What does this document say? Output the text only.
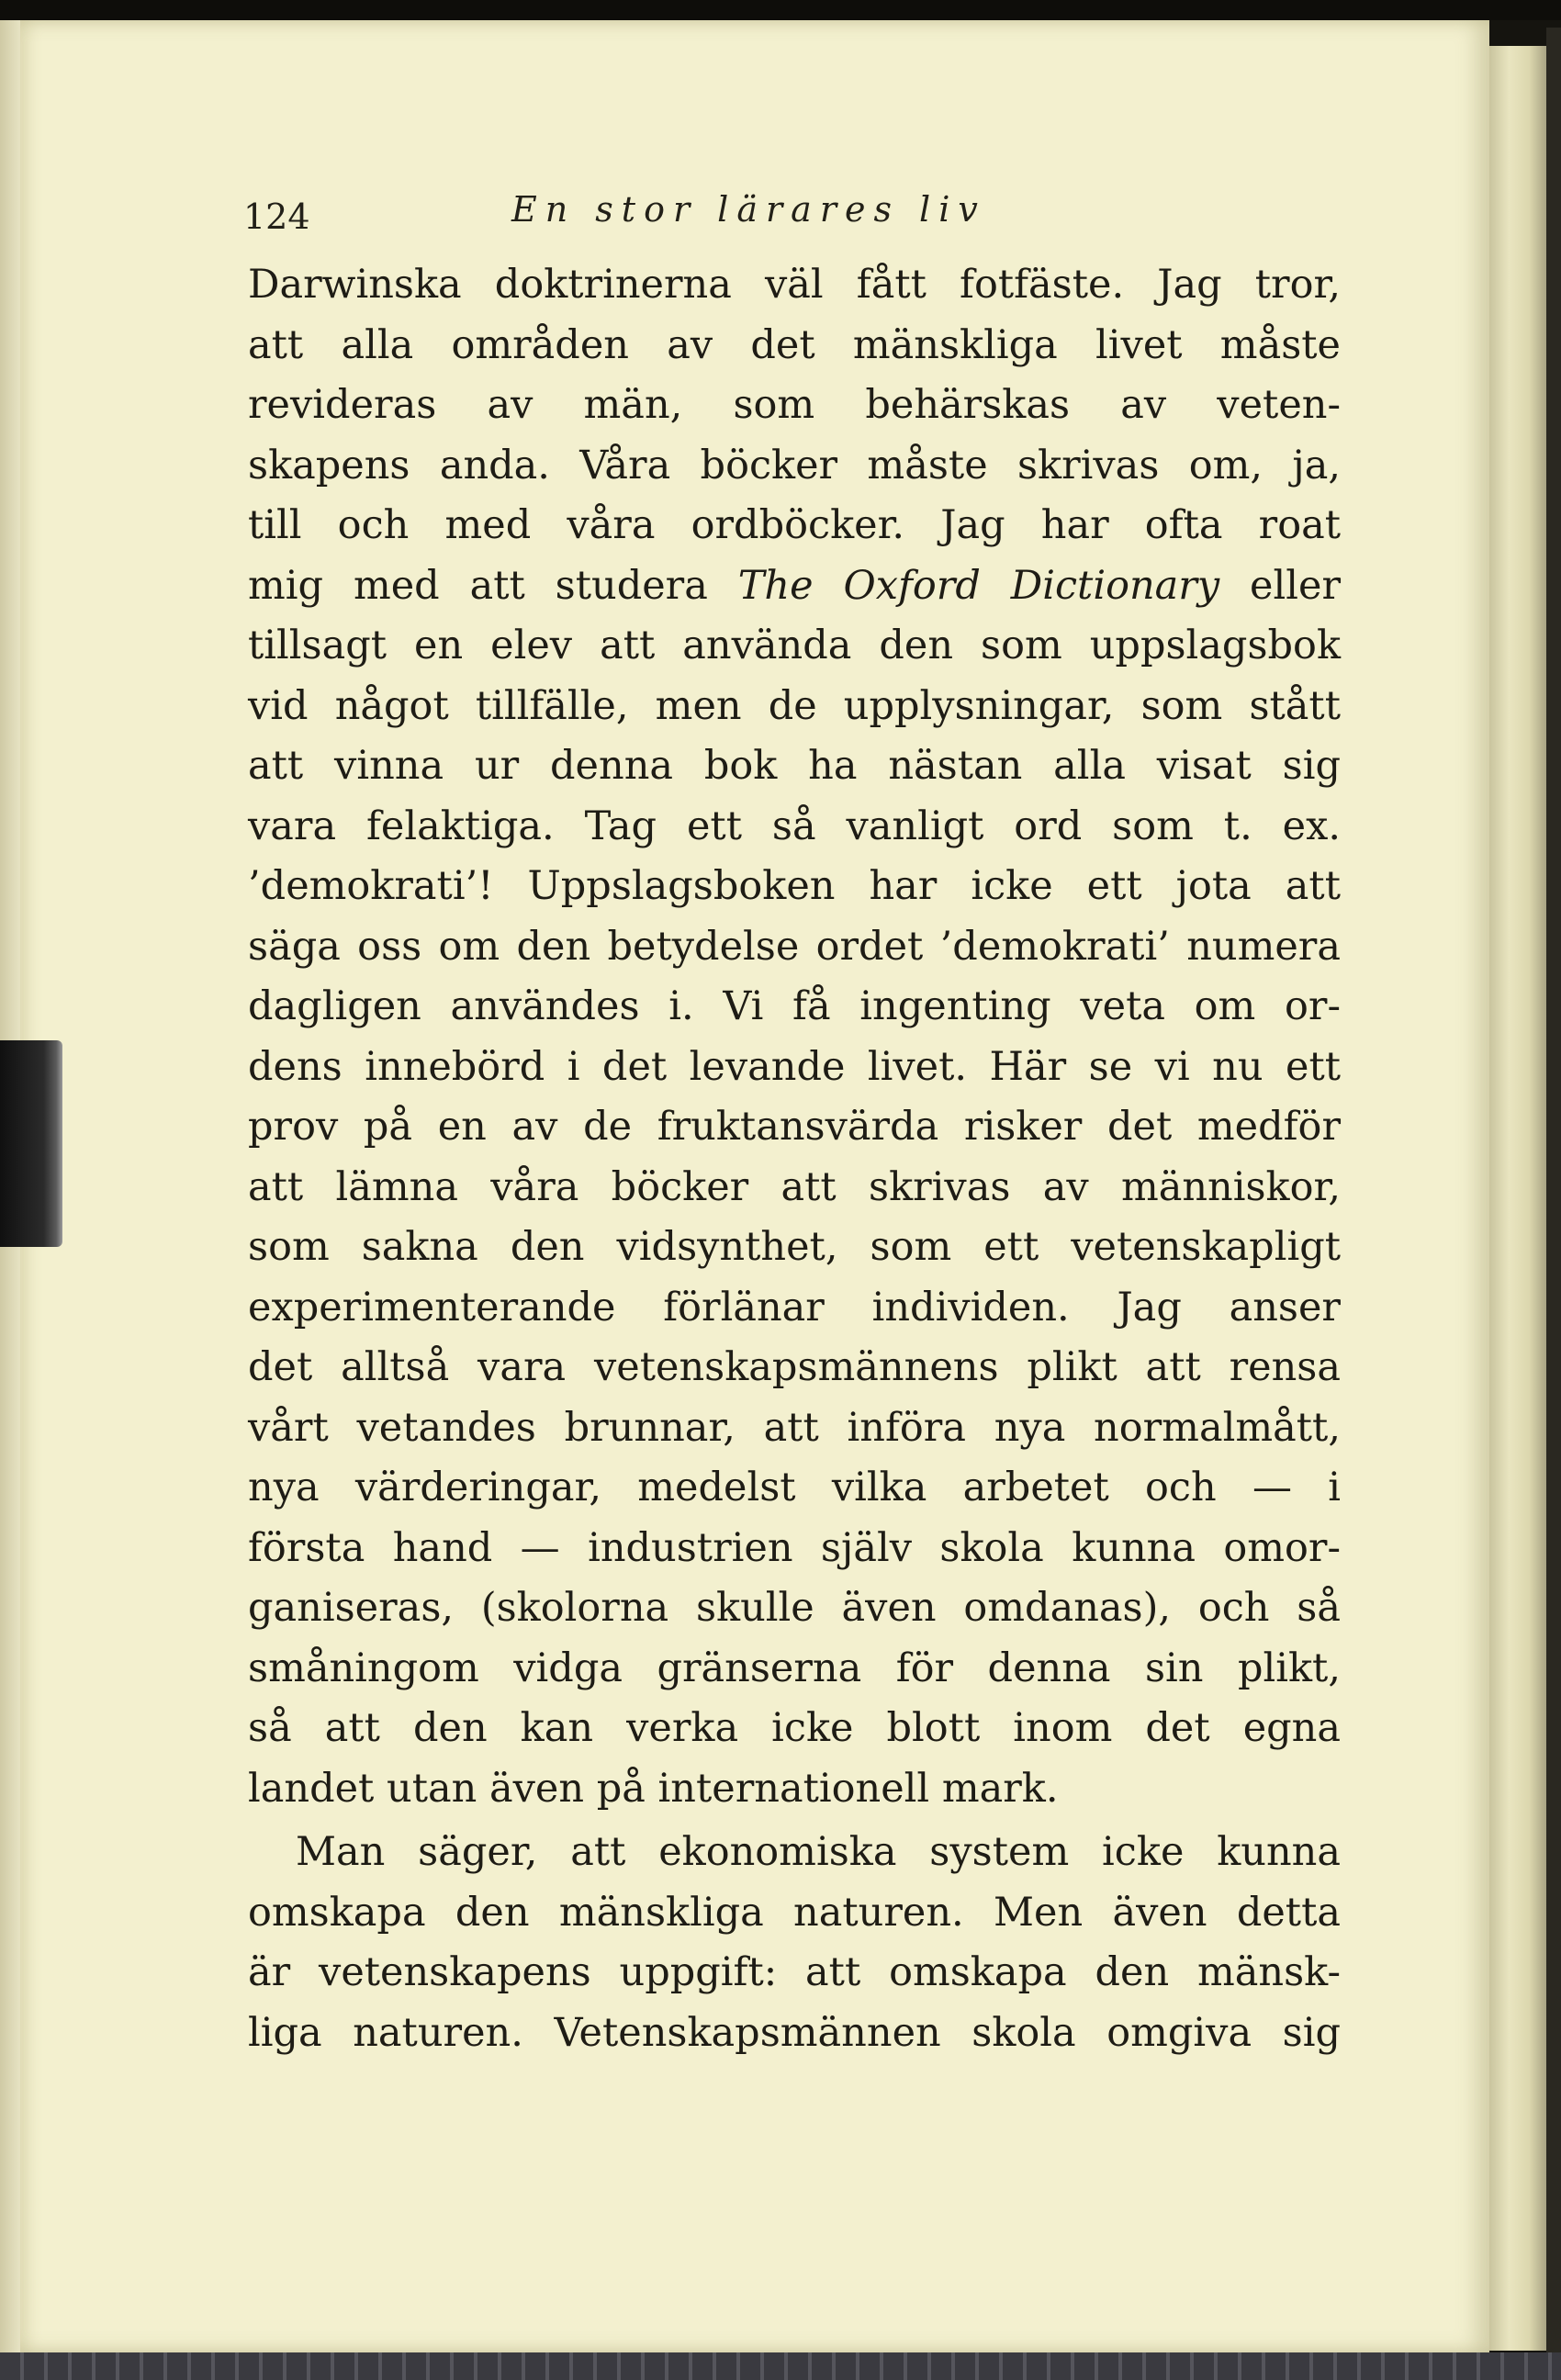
124	En stor lärares liv
Darwinska doktrinerna väl fått fotfäste. Jag tror,
att alla områden av det mänskliga livet måste
revideras av män, som behärskas av veten-
skapens anda. Våra böcker måste skrivas om, ja,
till och med våra ordböcker. Jag har ofta roat
mig med att studera The Oxford Dictionary eller
tillsagt en elev att använda den som uppslagsbok
vid något tillfälle, men de upplysningar, som stått
att vinna ur denna bok ha nästan alla visat sig
vara felaktiga. Tag ett så vanligt ord som t. ex.
’demokrati’! Uppslagsboken har icke ett jota att
säga oss om den betydelse ordet ’demokrati’ numera
dagligen användes i. Vi få ingenting veta om or-
dens innebörd i det levande livet. Här se vi nu ett
prov på en av de fruktansvärda risker det medför
att lämna våra böcker att skrivas av människor,
som sakna den vidsynthet, som ett vetenskapligt
experimenterande förlänar individen. Jag anser
det alltså vara vetenskapsmännens plikt att rensa
vårt vetandes brunnar, att införa nya normalmått,
nya värderingar, medelst vilka arbetet och — i
första hand — industrien själv skola kunna omor-
ganiseras, (skolorna skulle även omdanas), och så
småningom vidga gränserna för denna sin plikt,
så att den kan verka icke blott inom det egna
landet utan även på internationell mark.
Man säger, att ekonomiska system icke kunna
omskapa den mänskliga naturen. Men även detta
är vetenskapens uppgift: att omskapa den mänsk-
liga naturen. Vetenskapsmännen skola omgiva sig
